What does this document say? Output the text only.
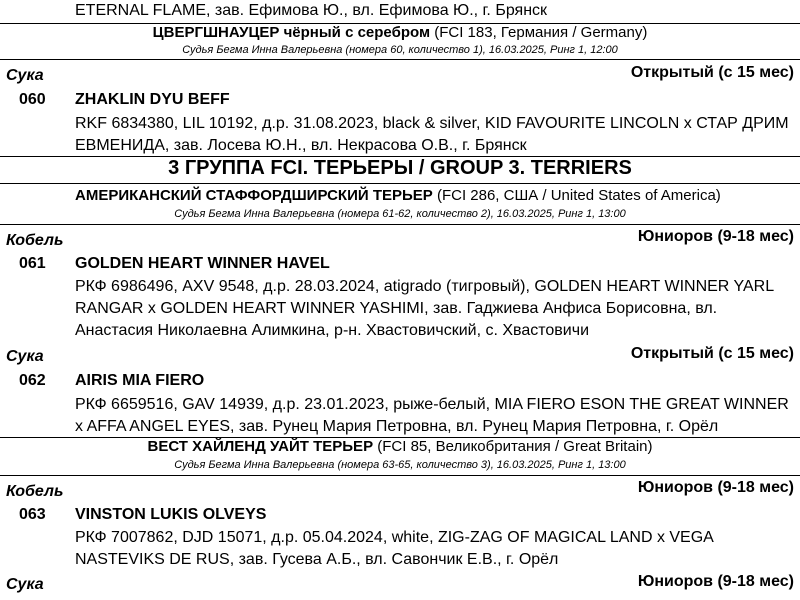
ETERNAL FLAME, зав. Ефимова Ю., вл. Ефимова Ю., г. Брянск
ЦВЕРГШНАУЦЕР чёрный с серебром (FCI 183, Германия / Germany)
Судья Бегма Инна Валерьевна (номера 60, количество 1), 16.03.2025, Ринг 1, 12:00
Сука	Открытый (с 15 мес)
060 ZHAKLIN DYU BEFF
RKF 6834380, LIL 10192, д.р. 31.08.2023, black & silver, KID FAVOURITE LINCOLN x СТАР ДРИМ
ЕВМЕНИДА, зав. Лосева Ю.Н., вл. Некрасова О.В., г. Брянск
3 ГРУППА FCI. ТЕРЬЕРЫ / GROUP 3. TERRIERS
АМЕРИКАНСКИЙ СТАФФОРДШИРСКИЙ ТЕРЬЕР (FCI 286, США / United States of America)
Судья Бегма Инна Валерьевна (номера 61-62, количество 2), 16.03.2025, Ринг 1, 13:00
Кобель	Юниоров (9-18 мес)
061 GOLDEN HEART WINNER HAVEL
РКФ 6986496, AXV 9548, д.р. 28.03.2024, atigrado (тигровый), GOLDEN HEART WINNER YARL
RANGAR x GOLDEN HEART WINNER YASHIMI, зав. Гаджиева Анфиса Борисовна, вл.
Анастасия Николаевна Алимкина, р-н. Хвастовичский, с. Хвастовичи
Сука	Открытый (с 15 мес)
062 AIRIS MIA FIERO
РКФ 6659516, GAV 14939, д.р. 23.01.2023, рыже-белый, MIA FIERO ESON THE GREAT WINNER
x AFFA ANGEL EYES, зав. Рунец Мария Петровна, вл. Рунец Мария Петровна, г. Орёл
ВЕСТ ХАЙЛЕНД УАЙТ ТЕРЬЕР (FCI 85, Великобритания / Great Britain)
Судья Бегма Инна Валерьевна (номера 63-65, количество 3), 16.03.2025, Ринг 1, 13:00
Кобель	Юниоров (9-18 мес)
063 VINSTON LUKIS OLVEYS
РКФ 7007862, DJD 15071, д.р. 05.04.2024, white, ZIG-ZAG OF MAGICAL LAND x VEGA
NASTEVIKS DE RUS, зав. Гусева А.Б., вл. Савончик Е.В., г. Орёл
Сука	Юниоров (9-18 мес)
